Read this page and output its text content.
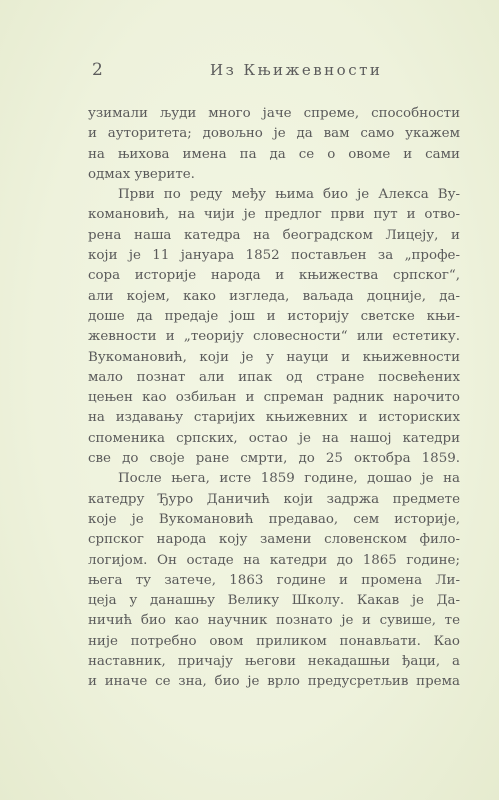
2	Из Књижевности
узимали људи много јаче спреме, способности
и ауторитета; довољно је да вам само укажем
на њихова имена па да се о овоме и сами
одмах уверите.
Први по реду међу њима био је Алекса Ву-
комановић, на чији је предлог први пут и отво-
рена наша катедра на београдском Лицеју, и
који је 11 јануара 1852 постављен за „профе-
сора историје народа и књижества српског“,
али којем, како изгледа, ваљада доцније, да-
доше да предаје још и историју светске књи-
жевности и „теорију словесности“ или естетику.
Вукомановић, који је у науци и књижевности
мало познат али ипак од стране посвећених
цењен као озбиљан и спреман радник нарочито
на издавању старијих књижевних и историских
споменика српских, остао је на нашој катедри
све до своје ране смрти, до 25 октобра 1859.
После њега, исте 1859 године, дошао је на
катедру Ђуро Даничић који задржа предмете
које је Вукомановић предавао, сем историје,
српског народа коју замени словенском фило-
логијом. Он остаде на катедри до 1865 године;
њега ту затече, 1863 године и промена Ли-
цеја у данашњу Велику Школу. Какав је Да-
ничић био као научник познато је и сувише, те
није потребно овом приликом понављати. Као
наставник, причају његови некадашњи ђаци, а
и иначе се зна, био је врло предусретљив према
